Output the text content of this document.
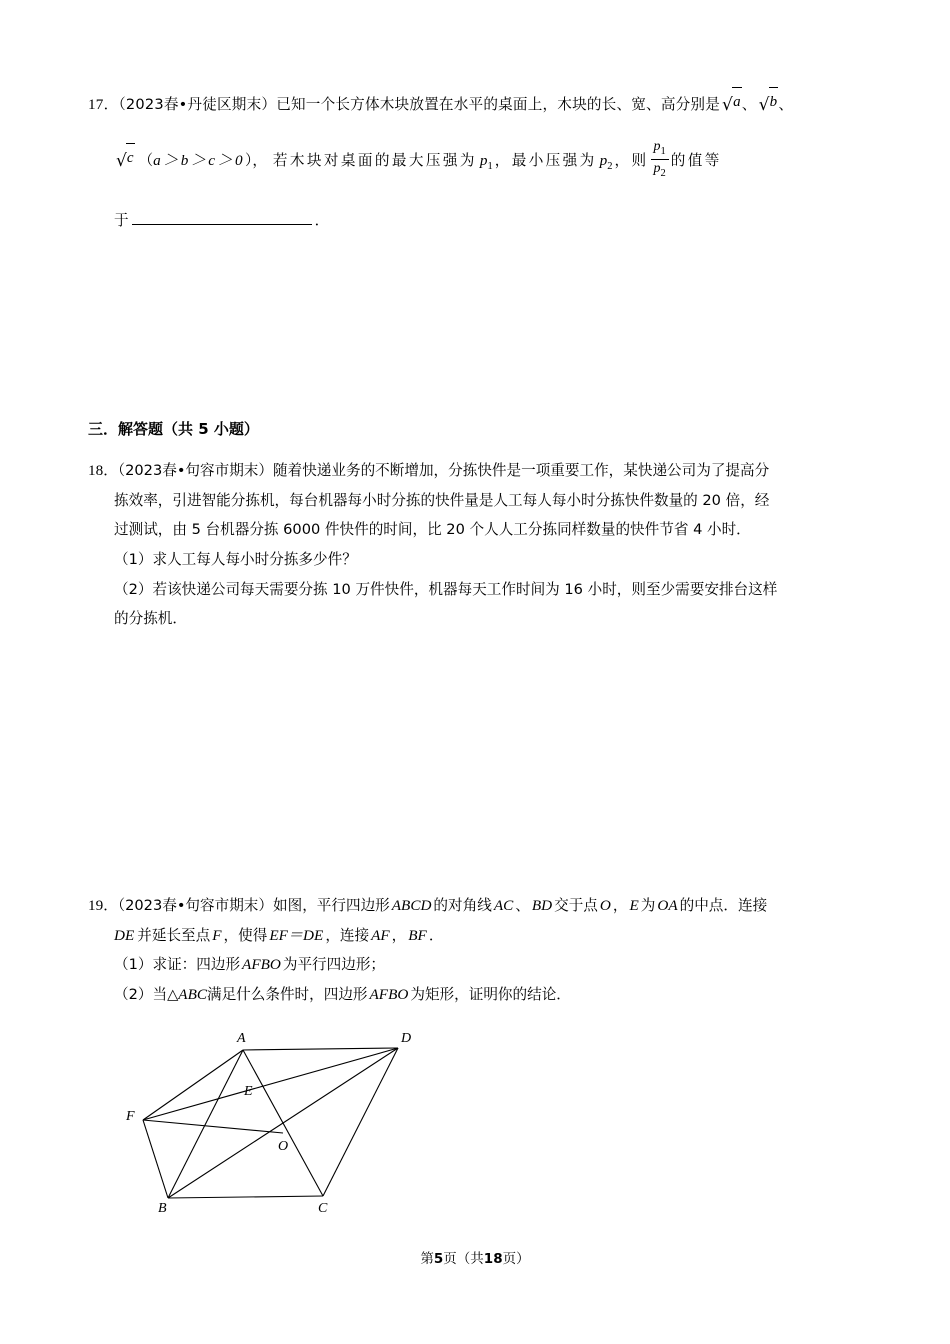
17．（2023春•丹徒区期末）已知一个长方体木块放置在水平的桌面上，木块的长、宽、高分别是 √a、 √b、
√c （a＞b＞c＞0）， 若木块对桌面的最大压强为 $p_1$ ，最小压强为 $p_2$ ，则 $\frac{p_1}{p_2}$ 的值等
于	．
三．解答题（共 5 小题）
18．（2023春•句容市期末）随着快递业务的不断增加，分拣快件是一项重要工作，某快递公司为了提高分
拣效率，引进智能分拣机，每台机器每小时分拣的快件量是人工每人每小时分拣快件数量的 20 倍，经
过测试，由 5 台机器分拣 6000 件快件的时间，比 20 个人人工分拣同样数量的快件节省 4 小时．
（1）求人工每人每小时分拣多少件？
（2）若该快递公司每天需要分拣 10 万件快件，机器每天工作时间为 16 小时，则至少需要安排台这样
的分拣机．
19．（2023春•句容市期末）如图，平行四边形 ABCD 的对角线 AC 、 BD 交于点 O ， E 为 OA 的中点．连接
DE 并延长至点 F ，使得 EF＝DE ，连接 AF ， BF ．
（1）求证：四边形 AFBO 为平行四边形；
（2）当△ABC满足什么条件时，四边形 AFBO 为矩形，证明你的结论．
A	D
E
F
O
B	C
第5页（共18页）
